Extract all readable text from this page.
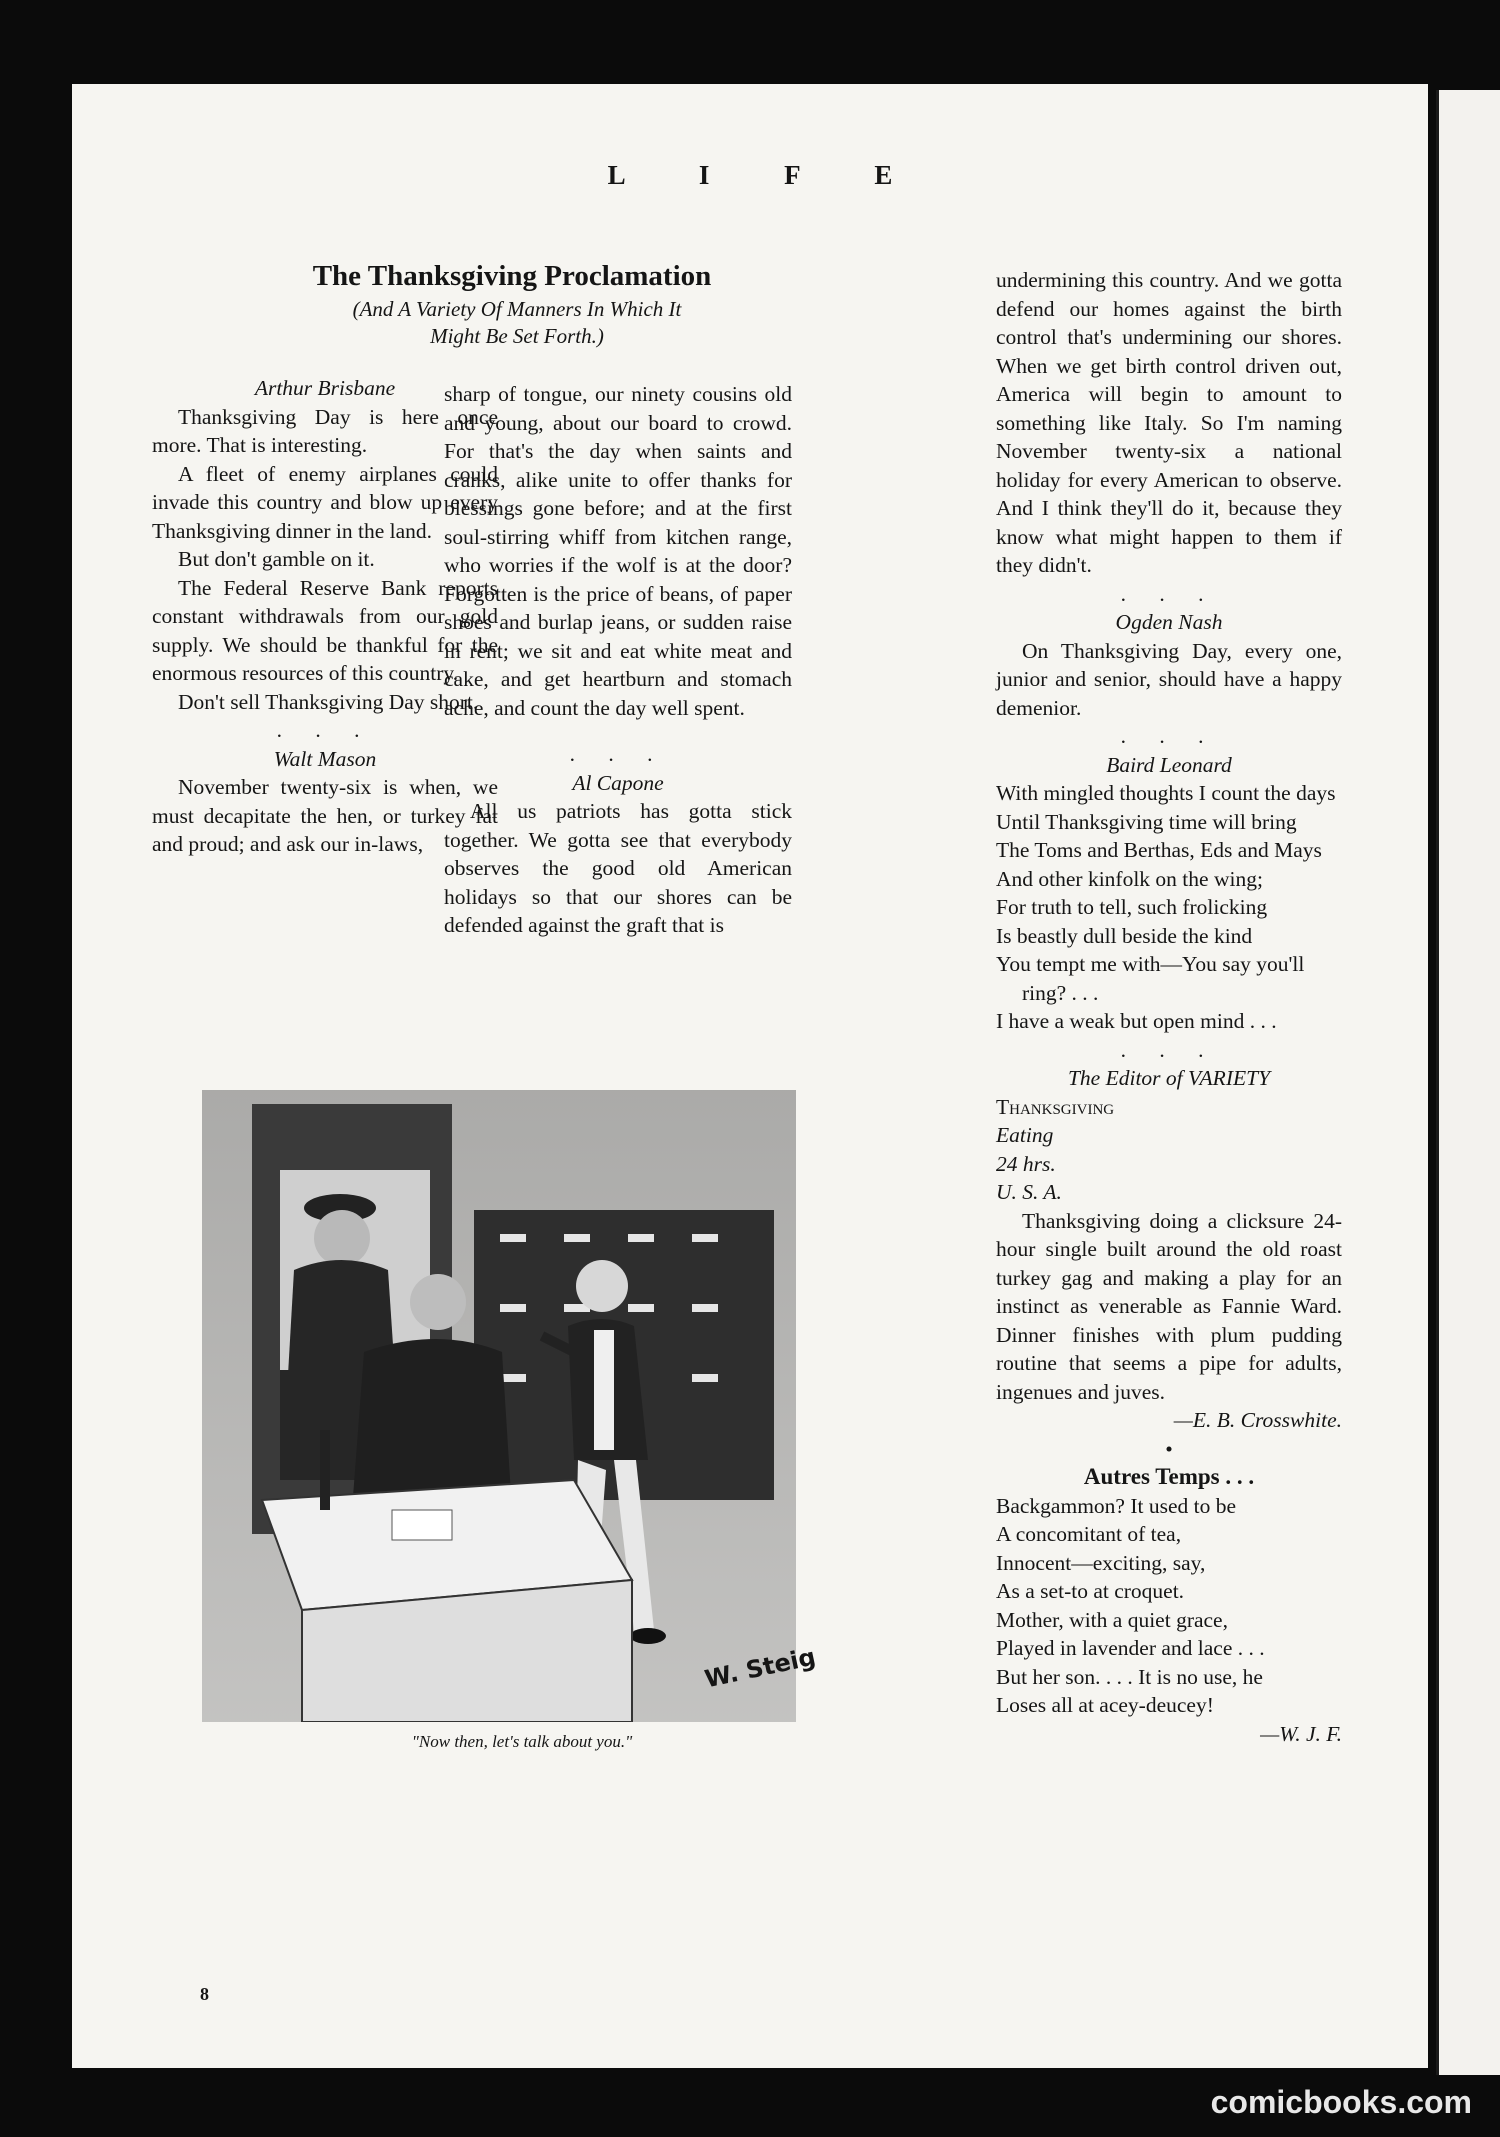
L I F E
The Thanksgiving Proclamation
(And A Variety Of Manners In Which It Might Be Set Forth.)

Arthur Brisbane

Thanksgiving Day is here once more. That is interesting.

A fleet of enemy airplanes could invade this country and blow up every Thanksgiving dinner in the land.

But don't gamble on it.

The Federal Reserve Bank reports constant withdrawals from our gold supply. We should be thankful for the enormous resources of this country.

Don't sell Thanksgiving Day short.

. . .

Walt Mason

November twenty-six is when, we must decapitate the hen, or turkey fat and proud; and ask our in-laws,

sharp of tongue, our ninety cousins old and young, about our board to crowd. For that's the day when saints and cranks, alike unite to offer thanks for blessings gone before; and at the first soul-stirring whiff from kitchen range, who worries if the wolf is at the door? Forgotten is the price of beans, of paper shoes and burlap jeans, or sudden raise in rent; we sit and eat white meat and cake, and get heartburn and stomach ache, and count the day well spent.

. . .

Al Capone

All us patriots has gotta stick together. We gotta see that everybody observes the good old American holidays so that our shores can be defended against the graft that is

undermining this country. And we gotta defend our homes against the birth control that's undermining our shores. When we get birth control driven out, America will begin to amount to something like Italy. So I'm naming November twenty-six a national holiday for every American to observe. And I think they'll do it, because they know what might happen to them if they didn't.

. . .

Ogden Nash

On Thanksgiving Day, every one, junior and senior, should have a happy demenior.

. . .

Baird Leonard

With mingled thoughts I count the days
Until Thanksgiving time will bring
The Toms and Berthas, Eds and Mays
And other kinfolk on the wing;
For truth to tell, such frolicking
Is beastly dull beside the kind
You tempt me with—You say you'll ring? . . .
I have a weak but open mind . . .

. . .

The Editor of VARIETY

Thanksgiving
Eating
24 hrs.
U. S. A.

Thanksgiving doing a clicksure 24-hour single built around the old roast turkey gag and making a play for an instinct as venerable as Fannie Ward. Dinner finishes with plum pudding routine that seems a pipe for adults, ingenues and juves.

—E. B. Crosswhite.

•

Autres Temps . . .

Backgammon? It used to be
A concomitant of tea,
Innocent—exciting, say,
As a set-to at croquet.
Mother, with a quiet grace,
Played in lavender and lace . . .
But her son. . . . It is no use, he
Loses all at acey-deucey!

—W. J. F.

W. Steig
"Now then, let's talk about you."
8
comicbooks.com
